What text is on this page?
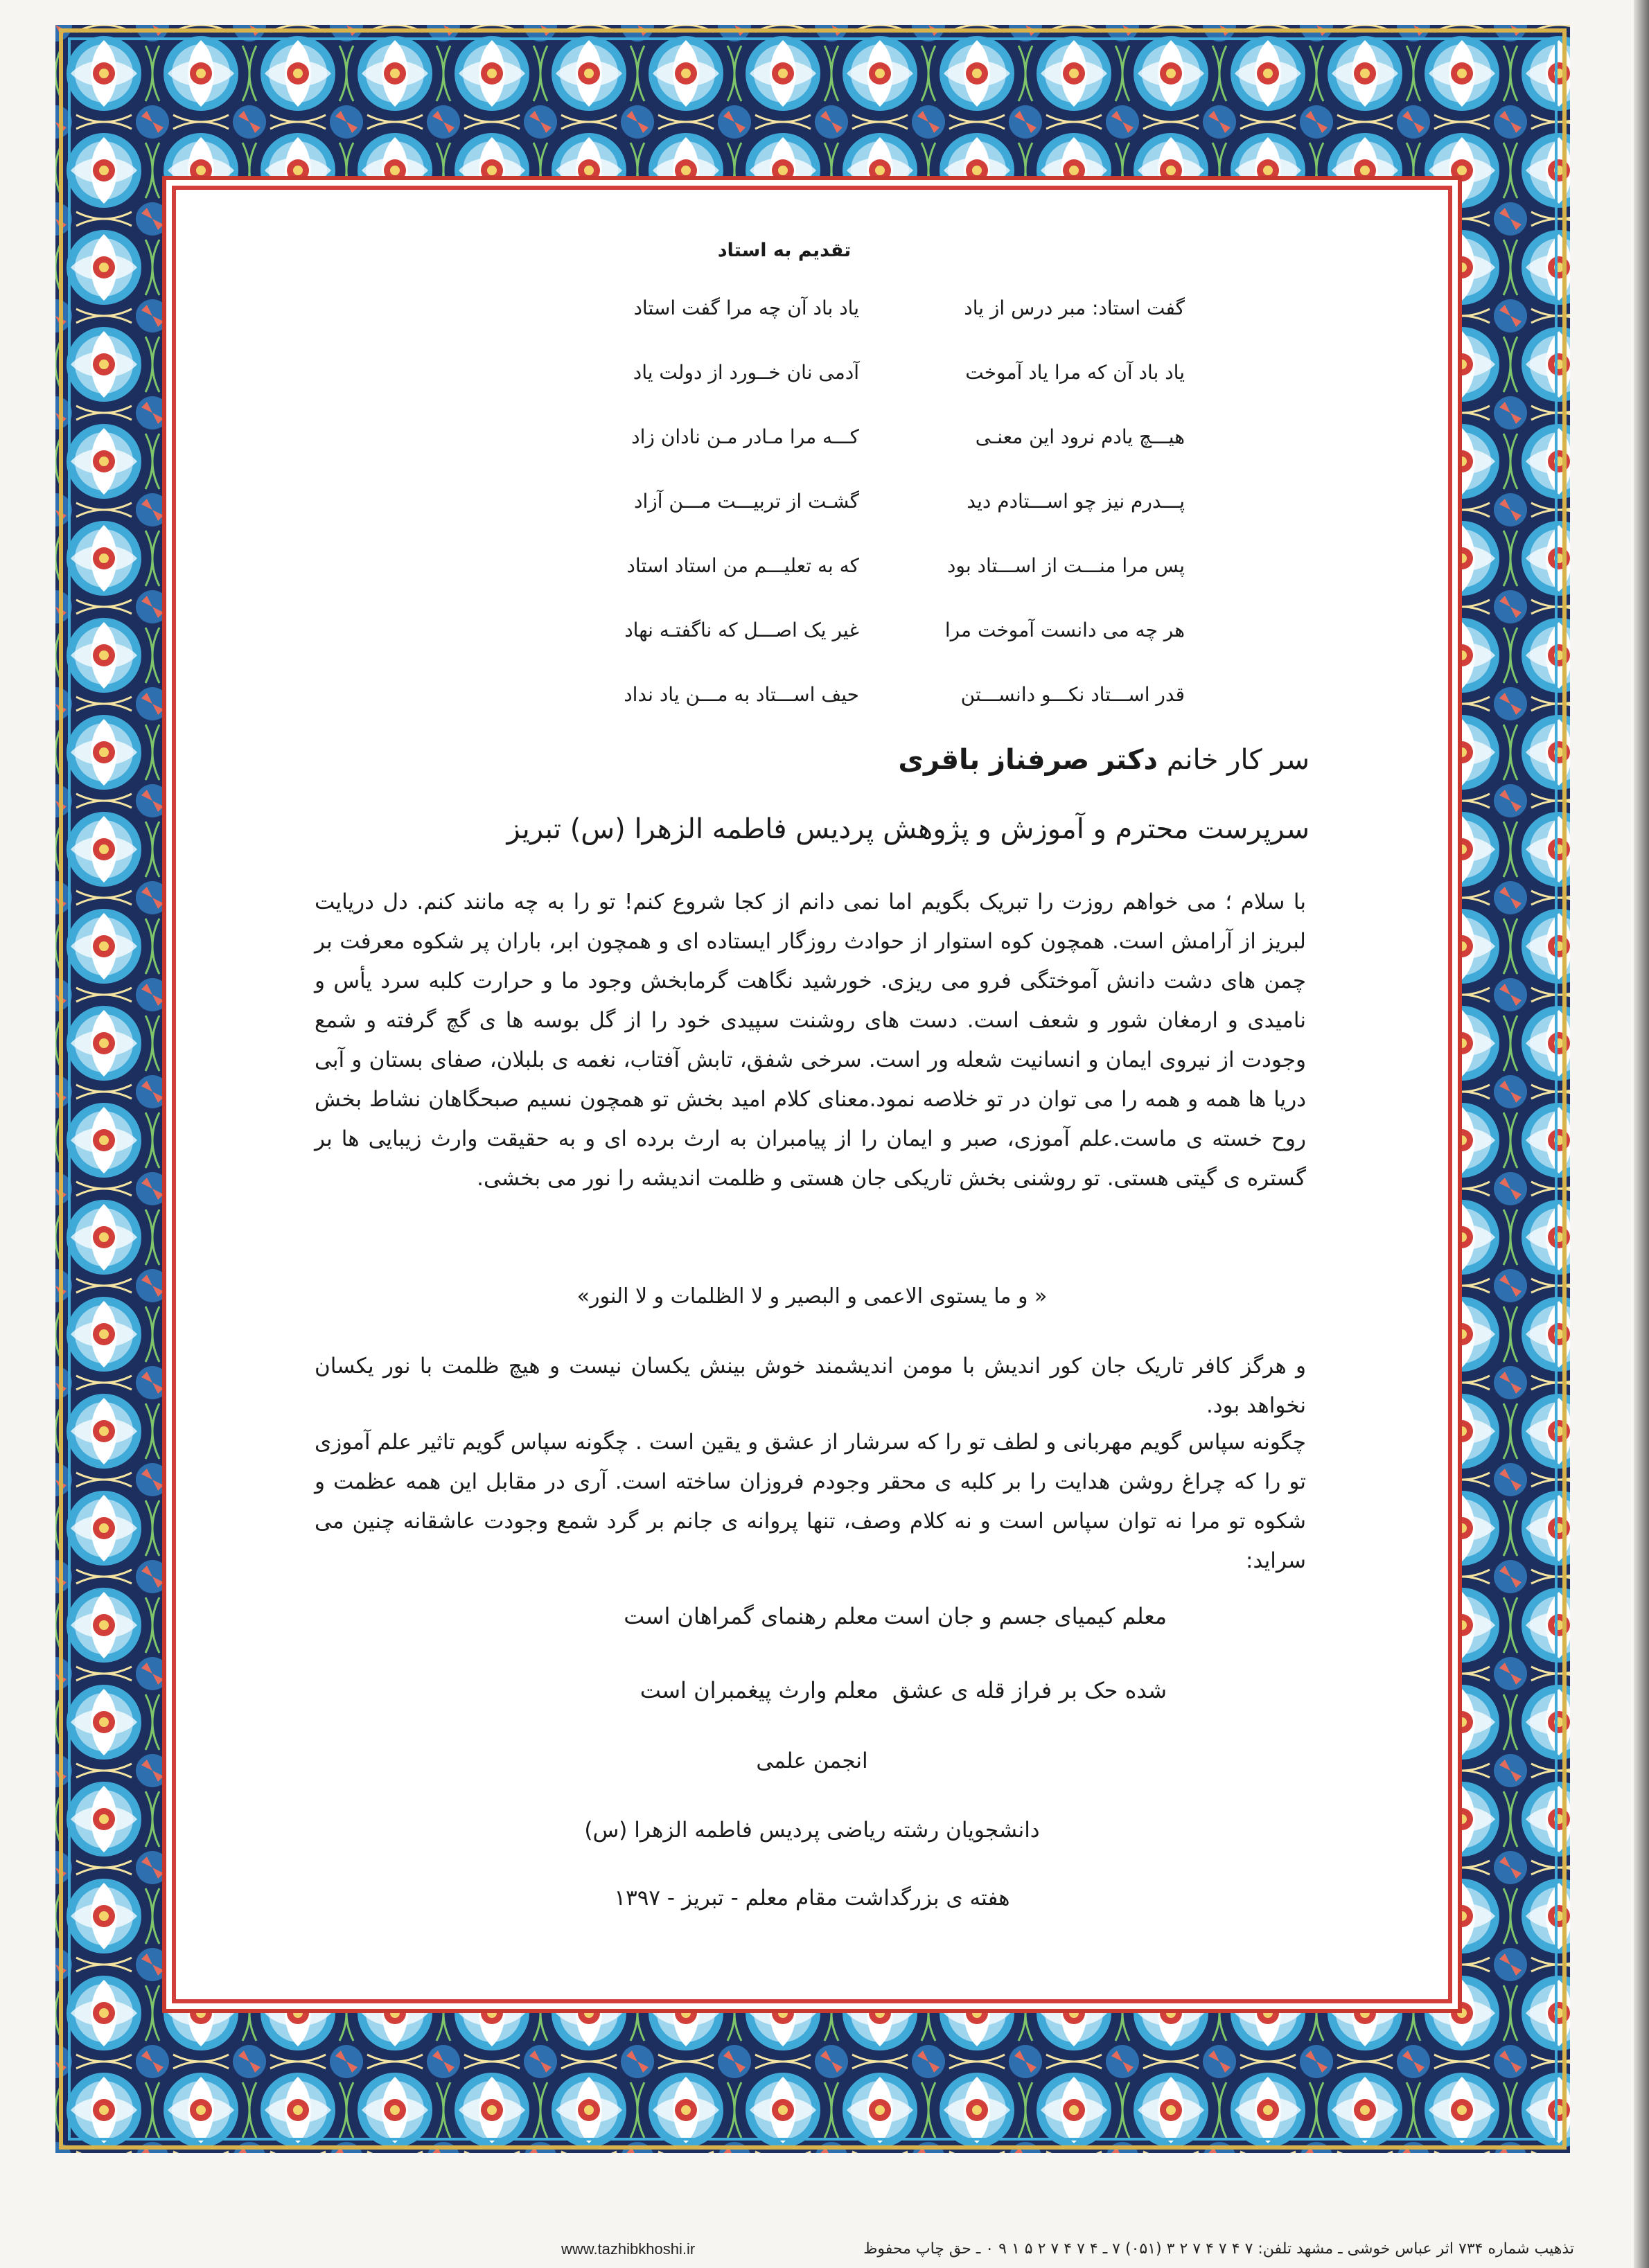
تقدیم به استاد
گفت استاد: مبر درس از یاد
یاد باد آن چه مرا گفت استاد
یاد باد آن که مرا یاد آموخت
آدمی نان خــورد از دولت یاد
هیـــچ یادم نرود این معنـی
کـــه مرا مـادر مـن نادان زاد
پـــدرم نیز چو اســـتادم دید
گشـت از تربیـــت مـــن آزاد
پس مرا منـــت از اســـتاد بود
که به تعلیـــم من استاد استاد
هر چه می دانست آموخت مرا
غیر یک اصـــل که ناگفتـه نهاد
قدر اســـتاد نکـــو دانســـتن
حیف اســـتاد به مـــن یاد نداد
سر کار خانم دکتر صرفناز باقری
سرپرست محترم و آموزش و پژوهش پردیس فاطمه الزهرا (س) تبریز
با سلام ؛ می خواهم روزت را تبریک بگویم اما نمی دانم از کجا شروع کنم! تو را به چه مانند کنم. دل دریایت لبریز از آرامش است. همچون کوه استوار از حوادث روزگار ایستاده ای و همچون ابر، باران پر شکوه معرفت بر چمن های دشت دانش آموختگی فرو می ریزی. خورشید نگاهت گرمابخش وجود ما و حرارت کلبه سرد یأس و نامیدی و ارمغان شور و شعف است. دست های روشنت سپیدی خود را از گل بوسه ها ی گچ گرفته و شمع وجودت از نیروی ایمان و انسانیت شعله ور است. سرخی شفق، تابش آفتاب، نغمه ی بلبلان، صفای بستان و آبی دریا ها همه و همه را می توان در تو خلاصه نمود.معنای کلام امید بخش تو همچون نسیم صبحگاهان نشاط بخش روح خسته ی ماست.علم آموزی، صبر و ایمان را از پیامبران به ارث برده ای و به حقیقت وارث زیبایی ها بر گستره ی گیتی هستی. تو روشنی بخش تاریکی جان هستی و ظلمت اندیشه را نور می بخشی.
« و ما یستوی الاعمی و البصیر و لا الظلمات و لا النور»
و هرگز کافر تاریک جان کور اندیش با مومن اندیشمند خوش بینش یکسان نیست و هیچ ظلمت با نور یکسان نخواهد بود.
چگونه سپاس گویم مهربانی و لطف تو را که سرشار از عشق و یقین است . چگونه سپاس گویم تاثیر علم آموزی تو را که چراغ روشن هدایت را بر کلبه ی محقر وجودم فروزان ساخته است. آری در مقابل این همه عظمت و شکوه تو مرا نه توان سپاس است و نه کلام وصف، تنها پروانه ی جانم بر گرد شمع وجودت عاشقانه چنین می سراید:
معلم کیمیای جسم و جان است
معلم رهنمای گمراهان است
شده حک بر فراز قله ی عشق
معلم وارث پیغمبران است
انجمن علمی
دانشجویان رشته ریاضی پردیس فاطمه الزهرا (س)
هفته ی بزرگداشت مقام معلم - تبریز - ۱۳۹۷
www.tazhibkhoshi.ir	تذهیب شماره ۷۳۴ اثر عباس خوشی ـ مشهد تلفن: ۷ ۴ ۷ ۴ ۷ ۲ ۳ (۰۵۱) ۷ ـ ۴ ۷ ۴ ۷ ۲ ۵ ۱ ۹ ۰ ـ حق چاپ محفوظ
